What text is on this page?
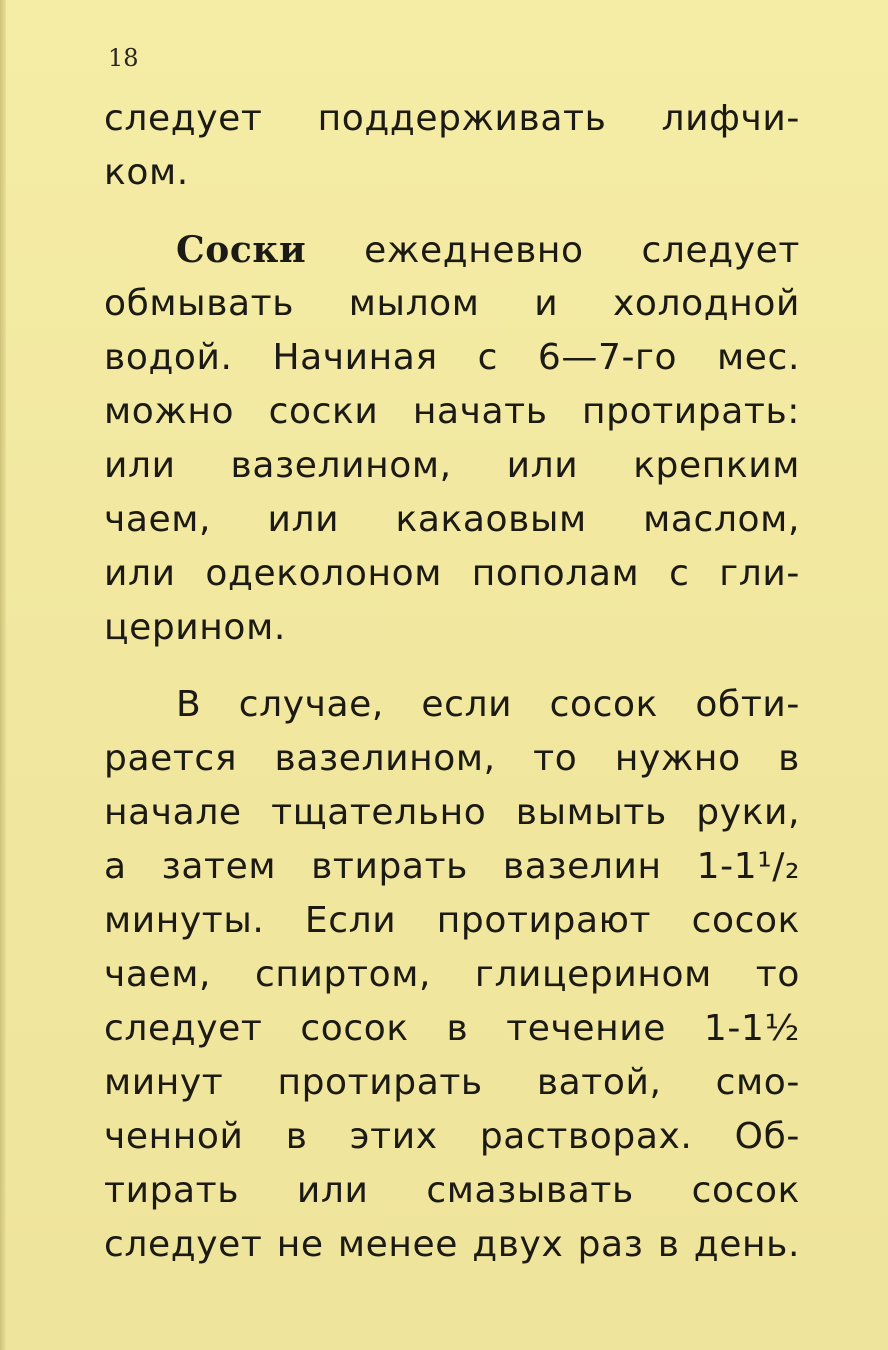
18
следует поддерживать лифчи-
ком.
Соски ежедневно следует
обмывать мылом и холодной
водой. Начиная с 6—7-го мес.
можно соски начать протирать:
или вазелином, или крепким
чаем, или какаовым маслом,
или одеколоном пополам с гли-
церином.
В случае, если сосок обти-
рается вазелином, то нужно в
начале тщательно вымыть руки,
а затем втирать вазелин 1-1¹/₂
минуты. Если протирают сосок
чаем, спиртом, глицерином то
следует сосок в течение 1-1½
минут протирать ватой, смо-
ченной в этих растворах. Об-
тирать или смазывать сосок
следует не менее двух раз в день.
